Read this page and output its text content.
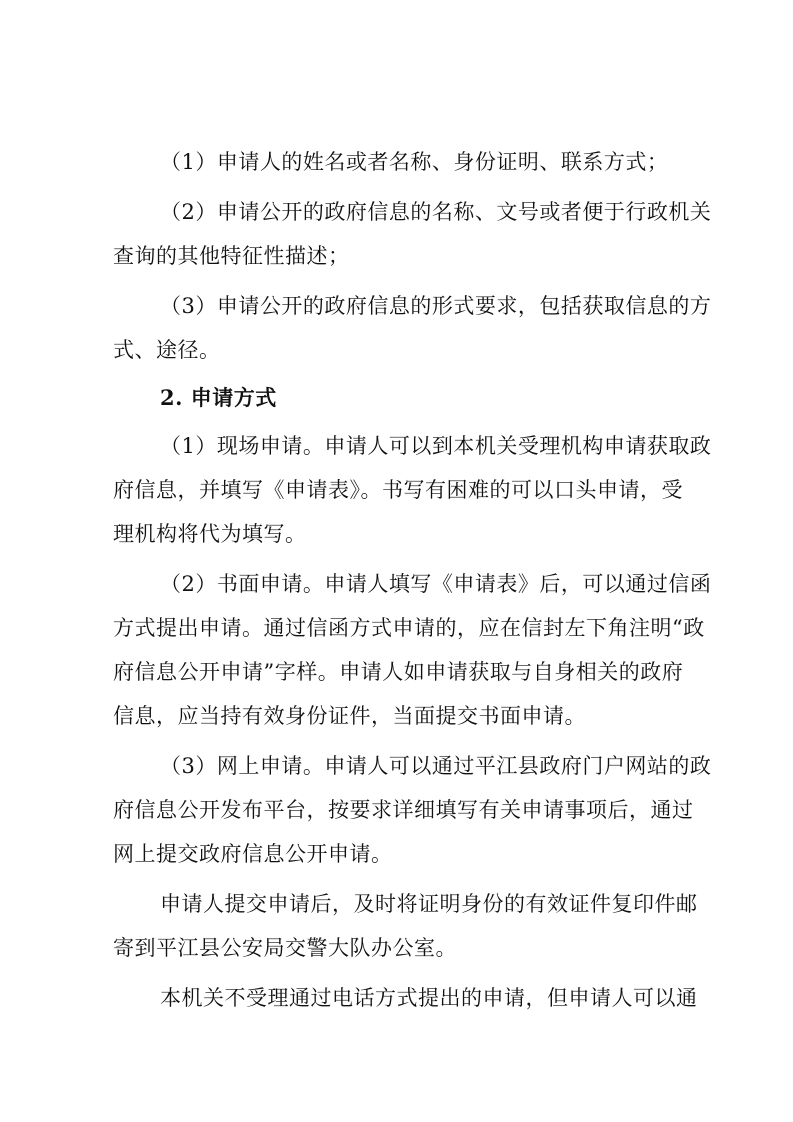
（1）申请人的姓名或者名称、身份证明、联系方式；
（2）申请公开的政府信息的名称、文号或者便于行政机关
查询的其他特征性描述；
（3）申请公开的政府信息的形式要求，包括获取信息的方
式、途径。
2. 申请方式
（1）现场申请。申请人可以到本机关受理机构申请获取政
府信息，并填写《申请表》。书写有困难的可以口头申请，受
理机构将代为填写。
（2）书面申请。申请人填写《申请表》后，可以通过信函
方式提出申请。通过信函方式申请的，应在信封左下角注明“政
府信息公开申请”字样。申请人如申请获取与自身相关的政府
信息，应当持有效身份证件，当面提交书面申请。
（3）网上申请。申请人可以通过平江县政府门户网站的政
府信息公开发布平台，按要求详细填写有关申请事项后，通过
网上提交政府信息公开申请。
申请人提交申请后，及时将证明身份的有效证件复印件邮
寄到平江县公安局交警大队办公室。
本机关不受理通过电话方式提出的申请，但申请人可以通
